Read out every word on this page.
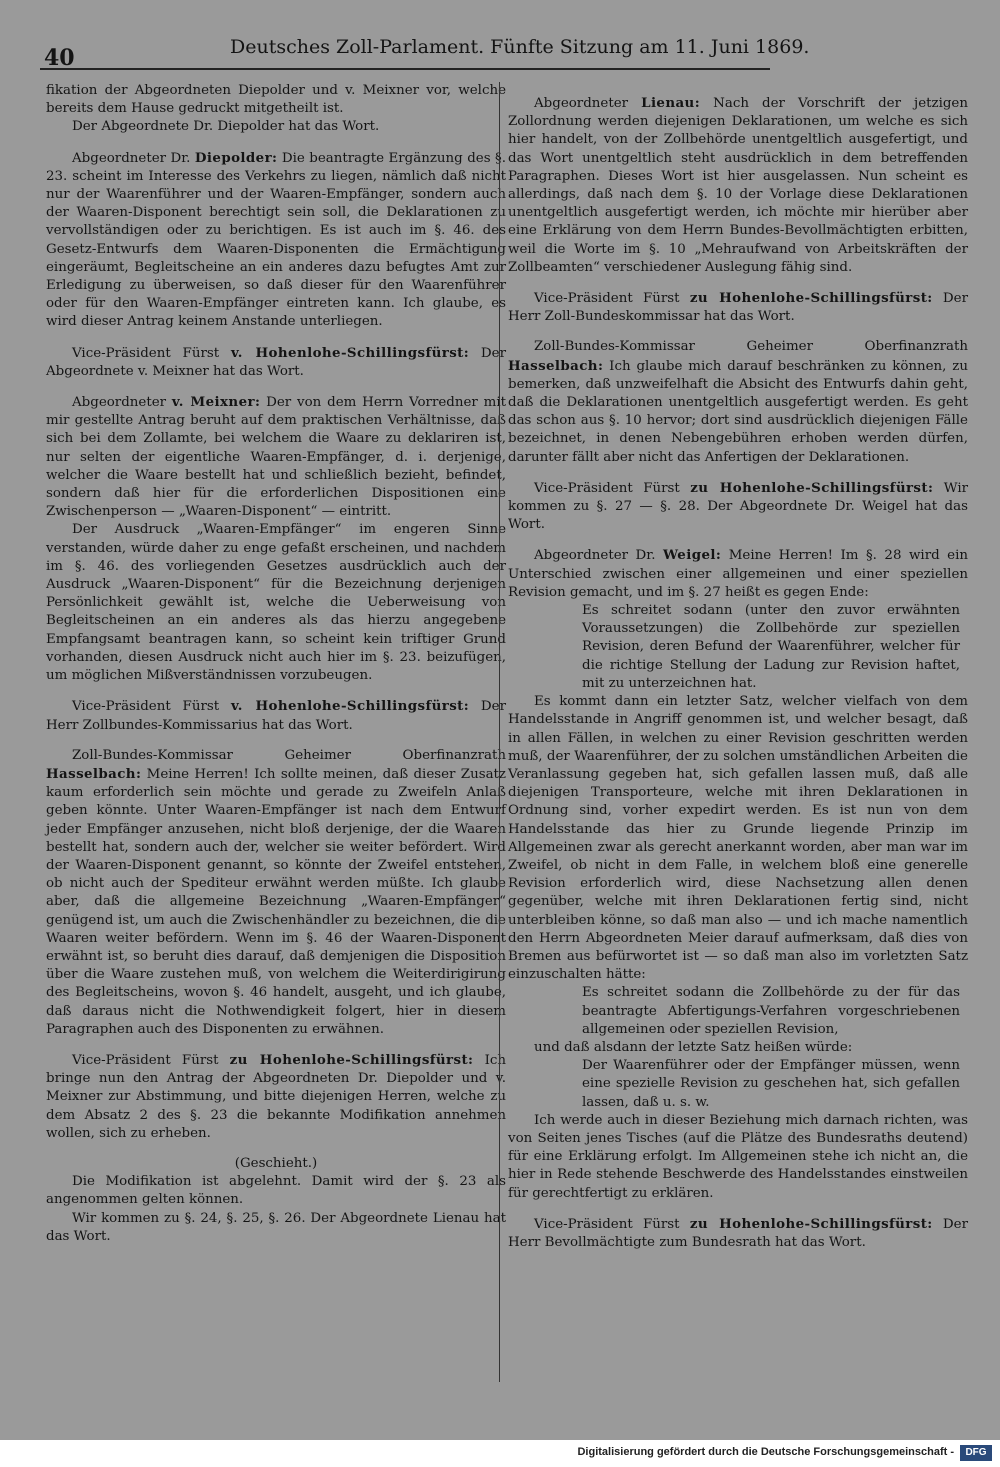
40	Deutsches Zoll-Parlament. Fünfte Sitzung am 11. Juni 1869.

fikation der Abgeordneten Diepolder und v. Meixner vor, welche bereits dem Hause gedruckt mitgetheilt ist.

Der Abgeordnete Dr. Diepolder hat das Wort.

Abgeordneter Dr. Diepolder: Die beantragte Ergänzung des §. 23. scheint im Interesse des Verkehrs zu liegen, nämlich daß nicht nur der Waarenführer und der Waaren-Empfänger, sondern auch der Waaren-Disponent berechtigt sein soll, die Deklarationen zu vervollständigen oder zu berichtigen. Es ist auch im §. 46. des Gesetz-Entwurfs dem Waaren-Disponenten die Ermächtigung eingeräumt, Begleitscheine an ein anderes dazu befugtes Amt zur Erledigung zu überweisen, so daß dieser für den Waarenführer oder für den Waaren-Empfänger eintreten kann. Ich glaube, es wird dieser Antrag keinem Anstande unterliegen.

Vice-Präsident Fürst v. Hohenlohe-Schillingsfürst: Der Abgeordnete v. Meixner hat das Wort.

Abgeordneter v. Meixner: Der von dem Herrn Vorredner mit mir gestellte Antrag beruht auf dem praktischen Verhältnisse, daß sich bei dem Zollamte, bei welchem die Waare zu deklariren ist, nur selten der eigentliche Waaren-Empfänger, d. i. derjenige, welcher die Waare bestellt hat und schließlich bezieht, befindet, sondern daß hier für die erforderlichen Dispositionen eine Zwischenperson — „Waaren-Disponent“ — eintritt.

Der Ausdruck „Waaren-Empfänger“ im engeren Sinne verstanden, würde daher zu enge gefaßt erscheinen, und nachdem im §. 46. des vorliegenden Gesetzes ausdrücklich auch der Ausdruck „Waaren-Disponent“ für die Bezeichnung derjenigen Persönlichkeit gewählt ist, welche die Ueberweisung von Begleitscheinen an ein anderes als das hierzu angegebene Empfangsamt beantragen kann, so scheint kein triftiger Grund vorhanden, diesen Ausdruck nicht auch hier im §. 23. beizufügen, um möglichen Mißverständnissen vorzubeugen.

Vice-Präsident Fürst v. Hohenlohe-Schillingsfürst: Der Herr Zollbundes-Kommissarius hat das Wort.

Zoll-Bundes-Kommissar Geheimer Oberfinanzrath Hasselbach: Meine Herren! Ich sollte meinen, daß dieser Zusatz kaum erforderlich sein möchte und gerade zu Zweifeln Anlaß geben könnte. Unter Waaren-Empfänger ist nach dem Entwurf jeder Empfänger anzusehen, nicht bloß derjenige, der die Waaren bestellt hat, sondern auch der, welcher sie weiter befördert. Wird der Waaren-Disponent genannt, so könnte der Zweifel entstehen, ob nicht auch der Spediteur erwähnt werden müßte. Ich glaube aber, daß die allgemeine Bezeichnung „Waaren-Empfänger“ genügend ist, um auch die Zwischenhändler zu bezeichnen, die die Waaren weiter befördern. Wenn im §. 46 der Waaren-Disponent erwähnt ist, so beruht dies darauf, daß demjenigen die Disposition über die Waare zustehen muß, von welchem die Weiterdirigirung des Begleitscheins, wovon §. 46 handelt, ausgeht, und ich glaube, daß daraus nicht die Nothwendigkeit folgert, hier in diesem Paragraphen auch des Disponenten zu erwähnen.

Vice-Präsident Fürst zu Hohenlohe-Schillingsfürst: Ich bringe nun den Antrag der Abgeordneten Dr. Diepolder und v. Meixner zur Abstimmung, und bitte diejenigen Herren, welche zu dem Absatz 2 des §. 23 die bekannte Modifikation annehmen wollen, sich zu erheben.

(Geschieht.)

Die Modifikation ist abgelehnt. Damit wird der §. 23 als angenommen gelten können.

Wir kommen zu §. 24, §. 25, §. 26. Der Abgeordnete Lienau hat das Wort.

Abgeordneter Lienau: Nach der Vorschrift der jetzigen Zollordnung werden diejenigen Deklarationen, um welche es sich hier handelt, von der Zollbehörde unentgeltlich ausgefertigt, und das Wort unentgeltlich steht ausdrücklich in dem betreffenden Paragraphen. Dieses Wort ist hier ausgelassen. Nun scheint es allerdings, daß nach dem §. 10 der Vorlage diese Deklarationen unentgeltlich ausgefertigt werden, ich möchte mir hierüber aber eine Erklärung von dem Herrn Bundes-Bevollmächtigten erbitten, weil die Worte im §. 10 „Mehraufwand von Arbeitskräften der Zollbeamten“ verschiedener Auslegung fähig sind.

Vice-Präsident Fürst zu Hohenlohe-Schillingsfürst: Der Herr Zoll-Bundeskommissar hat das Wort.

Zoll-Bundes-Kommissar Geheimer Oberfinanzrath Hasselbach: Ich glaube mich darauf beschränken zu können, zu bemerken, daß unzweifelhaft die Absicht des Entwurfs dahin geht, daß die Deklarationen unentgeltlich ausgefertigt werden. Es geht das schon aus §. 10 hervor; dort sind ausdrücklich diejenigen Fälle bezeichnet, in denen Nebengebühren erhoben werden dürfen, darunter fällt aber nicht das Anfertigen der Deklarationen.

Vice-Präsident Fürst zu Hohenlohe-Schillingsfürst: Wir kommen zu §. 27 — §. 28. Der Abgeordnete Dr. Weigel hat das Wort.

Abgeordneter Dr. Weigel: Meine Herren! Im §. 28 wird ein Unterschied zwischen einer allgemeinen und einer speziellen Revision gemacht, und im §. 27 heißt es gegen Ende:

Es schreitet sodann (unter den zuvor erwähnten Voraussetzungen) die Zollbehörde zur speziellen Revision, deren Befund der Waarenführer, welcher für die richtige Stellung der Ladung zur Revision haftet, mit zu unterzeichnen hat.

Es kommt dann ein letzter Satz, welcher vielfach von dem Handelsstande in Angriff genommen ist, und welcher besagt, daß in allen Fällen, in welchen zu einer Revision geschritten werden muß, der Waarenführer, der zu solchen umständlichen Arbeiten die Veranlassung gegeben hat, sich gefallen lassen muß, daß alle diejenigen Transporteure, welche mit ihren Deklarationen in Ordnung sind, vorher expedirt werden. Es ist nun von dem Handelsstande das hier zu Grunde liegende Prinzip im Allgemeinen zwar als gerecht anerkannt worden, aber man war im Zweifel, ob nicht in dem Falle, in welchem bloß eine generelle Revision erforderlich wird, diese Nachsetzung allen denen gegenüber, welche mit ihren Deklarationen fertig sind, nicht unterbleiben könne, so daß man also — und ich mache namentlich den Herrn Abgeordneten Meier darauf aufmerksam, daß dies von Bremen aus befürwortet ist — so daß man also im vorletzten Satz einzuschalten hätte:

Es schreitet sodann die Zollbehörde zu der für das beantragte Abfertigungs-Verfahren vorgeschriebenen allgemeinen oder speziellen Revision,

und daß alsdann der letzte Satz heißen würde:

Der Waarenführer oder der Empfänger müssen, wenn eine spezielle Revision zu geschehen hat, sich gefallen lassen, daß u. s. w.

Ich werde auch in dieser Beziehung mich darnach richten, was von Seiten jenes Tisches (auf die Plätze des Bundesraths deutend) für eine Erklärung erfolgt. Im Allgemeinen stehe ich nicht an, die hier in Rede stehende Beschwerde des Handelsstandes einstweilen für gerechtfertigt zu erklären.

Vice-Präsident Fürst zu Hohenlohe-Schillingsfürst: Der Herr Bevollmächtigte zum Bundesrath hat das Wort.

Digitalisierung gefördert durch die Deutsche Forschungsgemeinschaft -	DFG
